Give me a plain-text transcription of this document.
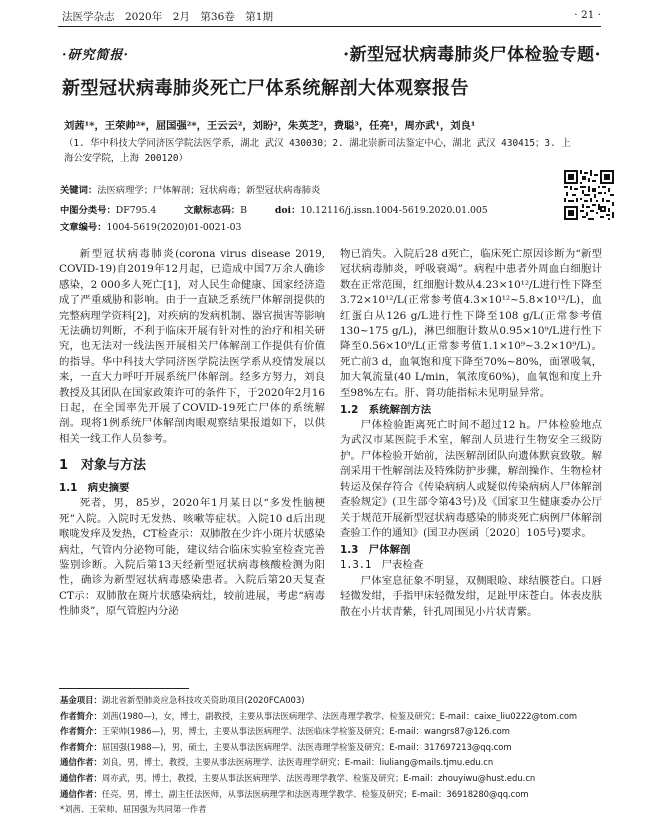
法医学杂志　2020年　2月　第36卷　第1期	· 21 ·
·研究简报·	·新型冠状病毒肺炎尸体检验专题·
新型冠状病毒肺炎死亡尸体系统解剖大体观察报告
刘茜¹*，王荣帅²*，屈国强²*，王云云²，刘盼²，朱英芝²，费聪³，任亮¹，周亦武¹，刘良¹
（1. 华中科技大学同济医学院法医学系，湖北 武汉 430030；2. 湖北崇新司法鉴定中心，湖北 武汉 430415；3. 上
海公安学院，上海 200120）
关键词：法医病理学；尸体解剖；冠状病毒；新型冠状病毒肺炎
中图分类号：DF795.4	文献标志码：B	doi：10.12116/j.issn.1004-5619.2020.01.005
文章编号：1004-5619(2020)01-0021-03

新型冠状病毒肺炎(corona virus disease 2019, COVID-19)自2019年12月起，已造成中国7万余人确诊感染，2 000多人死亡[1]，对人民生命健康、国家经济造成了严重威胁和影响。由于一直缺乏系统尸体解剖提供的完整病理学资料[2]，对疾病的发病机制、器官损害等影响无法确切判断，不利于临床开展有针对性的治疗和相关研究，也无法对一线法医开展相关尸体解剖工作提供有价值的指导。华中科技大学同济医学院法医学系从疫情发展以来，一直大力呼吁开展系统尸体解剖。经多方努力，刘良教授及其团队在国家政策许可的条件下，于2020年2月16日起，在全国率先开展了COVID-19死亡尸体的系统解剖。现将1例系统尸体解剖肉眼观察结果报道如下，以供相关一线工作人员参考。

1　对象与方法
1.1　病史摘要

死者，男，85岁，2020年1月某日以“多发性脑梗死”入院。入院时无发热、咳嗽等症状。入院10 d后出现喉咙发痒及发热，CT检查示：双肺散在少许小斑片状感染病灶，气管内分泌物可能，建议结合临床实验室检查完善鉴别诊断。入院后第13天经新型冠状病毒核酸检测为阳性，确诊为新型冠状病毒感染患者。入院后第20天复查CT示：双肺散在斑片状感染病灶，较前进展，考虑“病毒性肺炎”，原气管腔内分泌

物已消失。入院后28 d死亡，临床死亡原因诊断为“新型冠状病毒肺炎，呼吸衰竭”。病程中患者外周血白细胞计数在正常范围，红细胞计数从4.23×10¹²/L进行性下降至3.72×10¹²/L(正常参考值4.3×10¹²~5.8×10¹²/L)，血红蛋白从126 g/L进行性下降至108 g/L(正常参考值130~175 g/L)，淋巴细胞计数从0.95×10⁹/L进行性下降至0.56×10⁹/L(正常参考值1.1×10⁹~3.2×10⁹/L)。死亡前3 d，血氧饱和度下降至70%~80%，面罩吸氧，加大氧流量(40 L/min，氧浓度60%)，血氧饱和度上升至98%左右。肝、肾功能指标未见明显异常。

1.2　系统解剖方法

尸体检验距离死亡时间不超过12 h。尸体检验地点为武汉市某医院手术室，解剖人员进行生物安全三级防护。尸体检验开始前，法医解剖团队向遗体默哀致敬。解剖采用干性解剖法及特殊防护步骤，解剖操作、生物检材转运及保存符合《传染病病人或疑似传染病病人尸体解剖查验规定》(卫生部令第43号)及《国家卫生健康委办公厅关于规范开展新型冠状病毒感染的肺炎死亡病例尸体解剖查验工作的通知》(国卫办医函〔2020〕105号)要求。

1.3　尸体解剖
1.3.1　尸表检查

尸体室息征象不明显，双侧眼睑、球结膜苍白。口唇轻微发绀，手指甲床轻微发绀，足趾甲床苍白。体表皮肤散在小片状青紫，针孔周围见小片状青紫。

基金项目：湖北省新型肺炎应急科技攻关资助项目(2020FCA003)
作者简介：刘茜(1980—)，女，博士，副教授，主要从事法医病理学、法医毒理学教学、检鉴及研究；E-mail：caixe_liu0222@tom.com
作者简介：王荣帅(1986—)，男，博士，主要从事法医病理学、法医临床学检鉴及研究；E-mail：wangrs87@126.com
作者简介：屈国强(1988—)，男，硕士，主要从事法医病理学、法医毒理学检鉴及研究；E-mail：317697213@qq.com
通信作者：刘良，男，博士，教授，主要从事法医病理学、法医毒理学研究；E-mail：liuliang@mails.tjmu.edu.cn
通信作者：周亦武，男，博士，教授，主要从事法医病理学、法医毒理学教学、检鉴及研究；E-mail：zhouyiwu@hust.edu.cn
通信作者：任亮，男，博士，副主任法医师，从事法医病理学和法医毒理学教学、检鉴及研究；E-mail：36918280@qq.com
*刘茜、王荣帅、屈国强为共同第一作者
